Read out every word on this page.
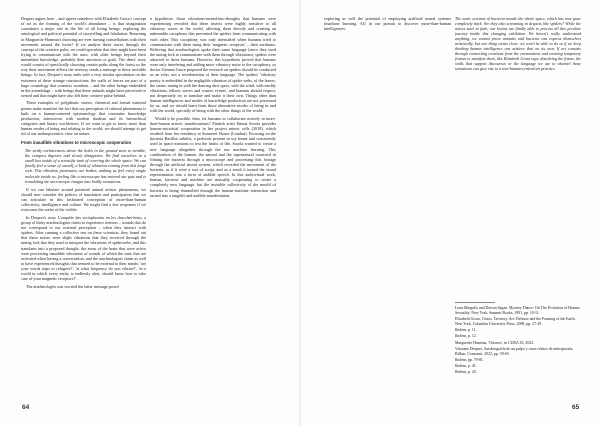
Despret argues here – and agrees somehow with Elizabeth Grosz's concept of art as the framing of the world's abundance – is that imagination constitutes a major role in the life of all living beings, exploring the ontological and political potential of storytelling and fabulation. Returning to Marguerite Humeau's throwing are ever turning constellations with their movement around the forest? If we analyse these traces through the concept of the creative pulse, we could speculate that deer might have been trying to communicate with the stars, with other beings beyond their immediate knowledge, probably their ancestors or gods. The deers' story would consist of specifically choosing certain paths along the forest so the way their movement affects the territory sends a message to these invisible beings. In fact, Despret's story ends with a very similar speculation on the existence of these strange constructions: the walls of fences are part of a huge cosmology that connects wombats – and the other beings embedded in the assemblage – with beings that these animals might have perceived or sensed and that might have also left their creative pulse behind.

These examples of polyphonic stories, chemical and formal material poems make manifest the fact that our perception of cultural phenomena is built on a human-centered epistemology that constrains knowledge production, interwoven with modern dualism and its hierarchical categories and binary worldviews. If we want to get to know more than human modes of being and relating to the world, we should attempt to get rid of our anthropocentric view on nature.

From inaudible vibrations to microscopic cooperation

The stridy architectures above the holes in the ground start to tremble, the compost digestor and slowly disappears. We find ourselves in a small box inside of a scientific tank of covering the whole space. We can finally feel a sense of ourself, a kind of vibration coming from this large web. This vibration penetrates our bodies, making us feel every single molecule inside us, feeling like a microscope has entered our guts and is translating the microscopic images into bodily sensations.

If we can fabulate around potential animal artistic phenomena, we should now consider the politics of translation and participation that we can articulate in this fashioned conception of more-than-human collectivity, intelligence and culture. We might find a few responses if we overcome the realm of the visible.

In Despret's story L'enquête des sociophonies en les churches-bitos, a group of thirty arachnologists claim to experience tremors – sounds that do not correspond to our external perception – when they interact with spiders. After running a collective test on these scientists, they found out that these noises were slight vibrations that they received through the tuning fork that they used to interpret the vibrations of spiderwebs, and this translates into a proposed thought: the areas of the brain that were active were processing inaudible vibrations of sounds of which the ones that are activated when having a conversation, and the arachnologists claim as well to have experienced thoughts that seemed to be external to their minds: 'are your words traps or refugees?', 'at what frequency do you vibrate?', 'in a world in which every entity is endlessly alert, should know how to take care of your magnetic receptors?'.

The arachnologist was worried the latter message posed

a hypothesis: those vibrations-turned-into-thoughts that humans were experiencing revealed that these insects were highly sensitive to all vibratory waves in the world, affecting them directly and creating an unbearable cacophony that prevented the spiders from communicating with each other. This cacophony was only intensified when humans tried to communicate with them using their 'magnetic receptors' – their eardrums. Believing that arachnologists spoke their same language (since they used the tuning fork to communicate with them through vibrations), spiders were attracted to these humans. However, this hypothesis proved that humans were only interfering and adding more vibratory noise to the cacophony, so doctor Gemma Grace proposed the research on spiders should be conducted as an echo, not a reverberation of their language. The spiders' 'vibratory poetry is embedded in the negligible vibration of spider webs, of the leaves, the stems, tuning in with the dancing dust specs, with the wind, with earthly vibrations, telluric waves and cosmic events', and humans should respect, not desperately try to translate and make it their own. Things other than human intelligences and modes of knowledge production are not possessed by us, and we should learn from those alternative modes of being in and with the world, specially of being with the other things of the world.

Would it be possible, then, for humans to collaborate actively in more-than-human artistic manifestations? Finnish artist Emma Sorola provides human-microbial cooperation in her project mimic cells (2018), which resulted from her residency at Somerset House (London). Focusing on the bacteria Bacillus subtilis, a probiotic present in soy beans and consistently used in space missions to test the limits of life, Sorola wanted to create a new language altogether through the use machine learning. This combination of the human, the natural and the supernatural consisted in filming the bacteria through a microscope and processing this footage through the artificial neural system, which recorded the movement of the bacteria, as if it were a sort of script, and as a result it turned the visual representation into a form of audible speech. In this audiovisual work, human, bacteria and machine are mutually cooperating to create a completely new language, but the invisible collectivity of the mould of bacteria is being channelled through the human-machine interaction and turned into a tangible and audible manifestation,

64

exploring as well the potential of employing artificial neural systems (machine learning, AI) in our pursuit to discover more-than-human intelligences.

The sonic screams of bacteria invade the whole space, which has now gone completely dark. Are they also screaming in despair, like spiders? While the noises start to fade, our brains are finally able to process all this peculiar journey inside this changing exhibition. We haven't really understood anything, we cannot prove animals and bacteria can express themselves artistically, but one thing seems clear: we won't be able to do so if we keep thinking human intelligence can achieve that on its own. If art consists through connecting creations from the environment and creating temporary frames to manifest them, like Elizabeth Grosz says, dissolving the frame, the walls that support discourses or the language we use to channel these sensations can give rise to a non-human-centred art practice.

Lynn Margulis and Dorion Sagan, Mystery Dance: On The Evolution of Human Sexuality. New York, Summit Books, 1991, pp. 10-11.
Elizabeth Grosz, Chaos, Territory, Art: Deleuze and the Framing of the Earth. New York, Columbia University Press, 2008, pp. 27-29.
Ibidem, p. 11.
Ibidem, p. 12.
Marguerite Humeau, 'Oriones', in CURA 30, 2022.
Vinciane Despret, Autobiografía de un pulpo y otros relatos de anticipación. Bilbao, Consonni, 2022, pp. 59-65.
Ibidem, pp. 79-81.
Ibidem, p. 41.
Ibidem, p. 43.
65
